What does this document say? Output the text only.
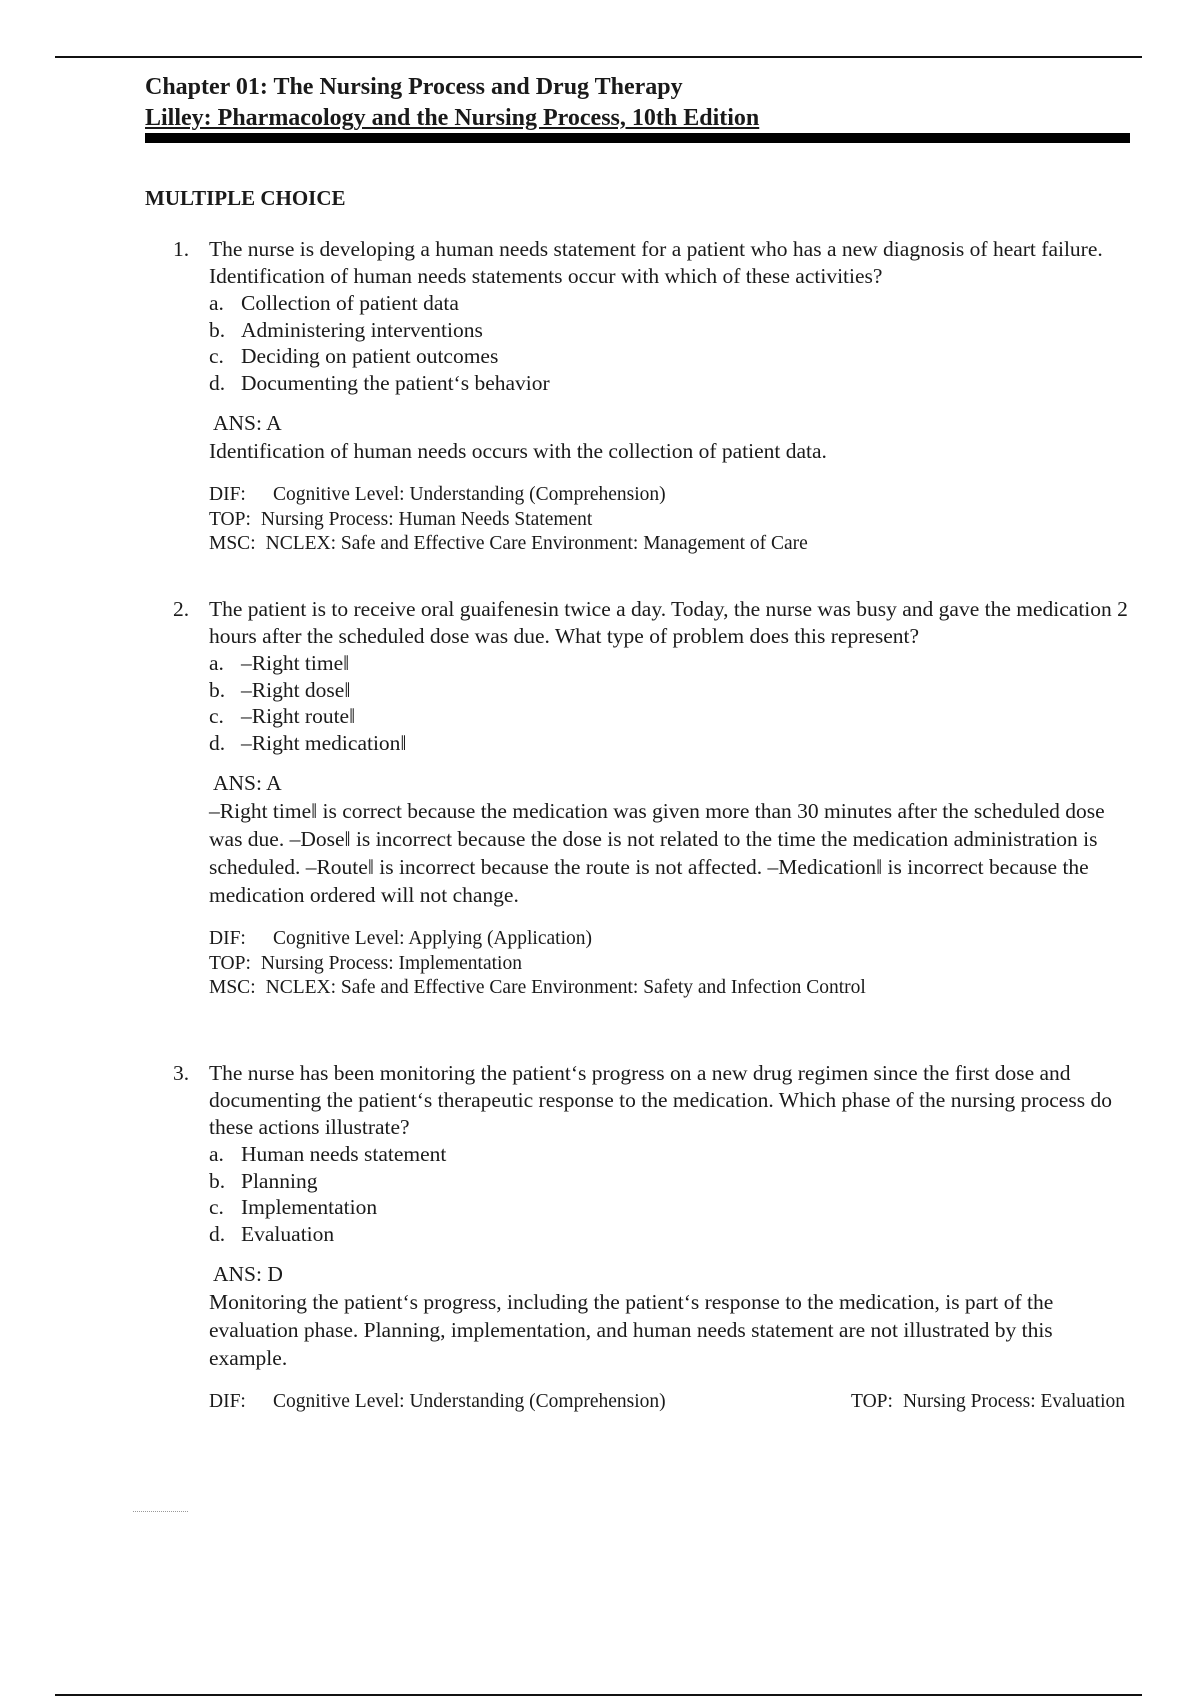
Chapter 01: The Nursing Process and Drug Therapy
Lilley: Pharmacology and the Nursing Process, 10th Edition
MULTIPLE CHOICE
1. The nurse is developing a human needs statement for a patient who has a new diagnosis of heart failure. Identification of human needs statements occur with which of these activities?
a. Collection of patient data
b. Administering interventions
c. Deciding on patient outcomes
d. Documenting the patient‘s behavior
ANS: A
Identification of human needs occurs with the collection of patient data.
DIF: Cognitive Level: Understanding (Comprehension)
TOP: Nursing Process: Human Needs Statement
MSC: NCLEX: Safe and Effective Care Environment: Management of Care
2. The patient is to receive oral guaifenesin twice a day. Today, the nurse was busy and gave the medication 2 hours after the scheduled dose was due. What type of problem does this represent?
a. –Right time‖
b. –Right dose‖
c. –Right route‖
d. –Right medication‖
ANS: A
–Right time‖ is correct because the medication was given more than 30 minutes after the scheduled dose was due. –Dose‖ is incorrect because the dose is not related to the time the medication administration is scheduled. –Route‖ is incorrect because the route is not affected. –Medication‖ is incorrect because the medication ordered will not change.
DIF: Cognitive Level: Applying (Application)
TOP: Nursing Process: Implementation
MSC: NCLEX: Safe and Effective Care Environment: Safety and Infection Control
3. The nurse has been monitoring the patient‘s progress on a new drug regimen since the first dose and documenting the patient‘s therapeutic response to the medication. Which phase of the nursing process do these actions illustrate?
a. Human needs statement
b. Planning
c. Implementation
d. Evaluation
ANS: D
Monitoring the patient‘s progress, including the patient‘s response to the medication, is part of the evaluation phase. Planning, implementation, and human needs statement are not illustrated by this example.
DIF: Cognitive Level: Understanding (Comprehension)	TOP: Nursing Process: Evaluation
